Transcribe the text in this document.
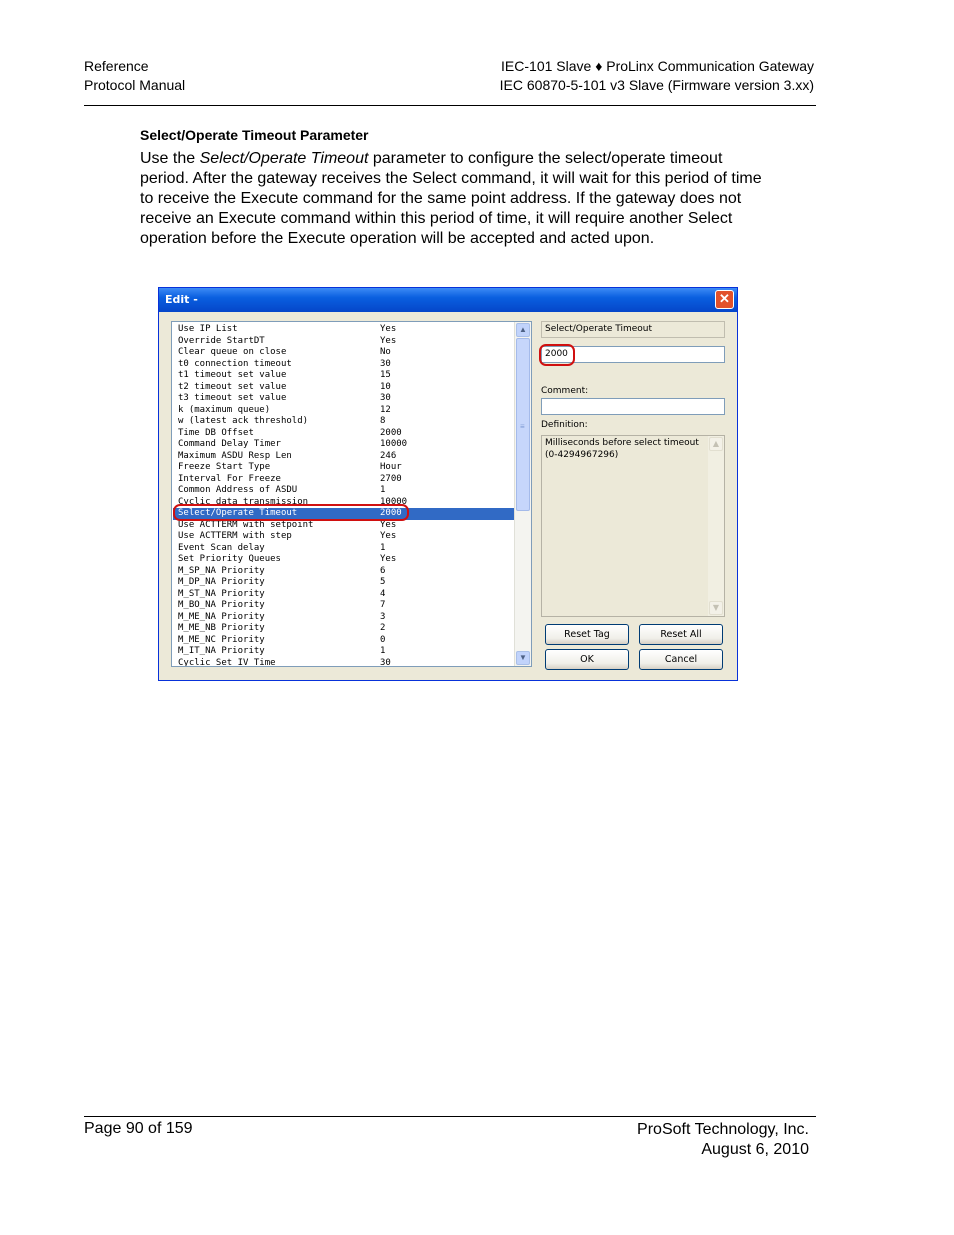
Reference
Protocol Manual
IEC-101 Slave ♦ ProLinx Communication Gateway
IEC 60870-5-101 v3 Slave (Firmware version 3.xx)
Select/Operate Timeout Parameter

Use the Select/Operate Timeout parameter to configure the select/operate timeout period. After the gateway receives the Select command, it will wait for this period of time to receive the Execute command for the same point address. If the gateway does not receive an Execute command within this period of time, it will require another Select operation before the Execute operation will be accepted and acted upon.

Edit -	✕
Cyclic Set IV Time	30
M_IT_NA Priority	1
M_ME_NC Priority	0
M_ME_NB Priority	2
M_ME_NA Priority	3
M_BO_NA Priority	7
M_ST_NA Priority	4
M_DP_NA Priority	5
M_SP_NA Priority	6
Set Priority Queues	Yes
Event Scan delay	1
Use ACTTERM with step	Yes
Use ACTTERM with setpoint	Yes
Select/Operate Timeout	2000
Cyclic data transmission	10000
Common Address of ASDU	1
Interval For Freeze	2700
Freeze Start Type	Hour
Maximum ASDU Resp Len	246
Command Delay Timer	10000
Time DB Offset	2000
w (latest ack threshold)	8
k (maximum queue)	12
t3 timeout set value	30
t2 timeout set value	10
t1 timeout set value	15
t0 connection timeout	30
Clear queue on close	No
Override StartDT	Yes
Use IP List	Yes	▲
≡
▼
Select/Operate Timeout
2000
Comment:
Definition:
Milliseconds before select timeout (0-4294967296)
▲
▼
Reset Tag	Reset All
OK	Cancel
Page 90 of 159	ProSoft Technology, Inc.
August 6, 2010
